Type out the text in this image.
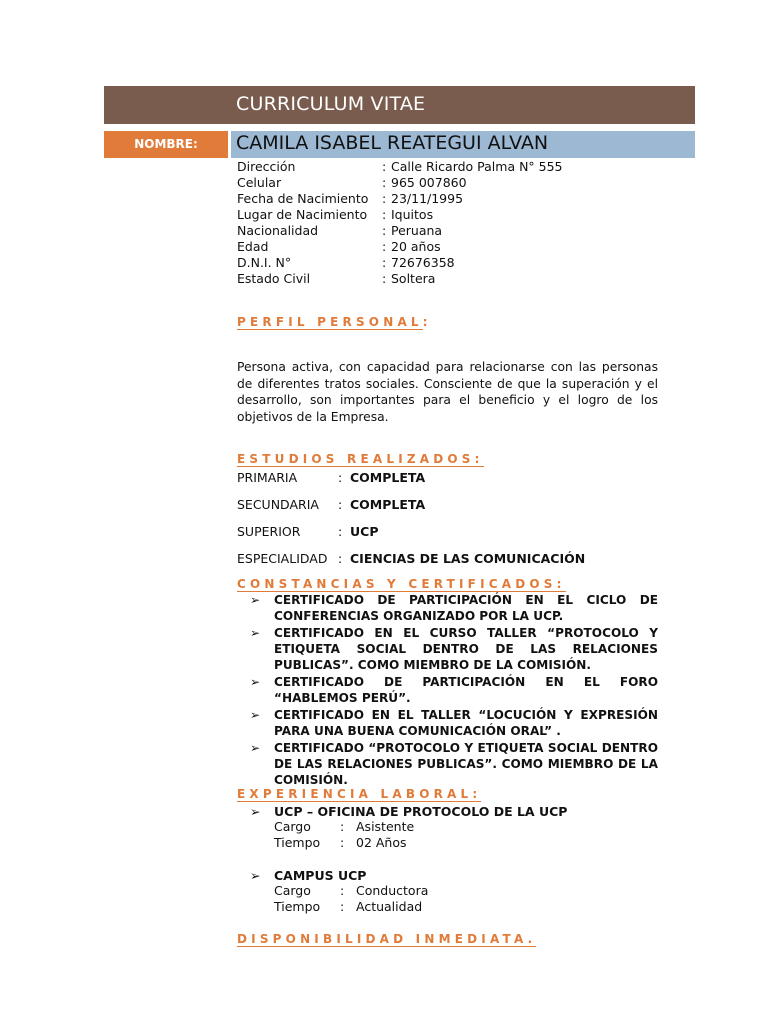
CURRICULUM VITAE
NOMBRE:	CAMILA ISABEL REATEGUI ALVAN
Dirección	: Calle Ricardo Palma N° 555
Celular	: 965 007860
Fecha de Nacimiento : 23/11/1995
Lugar de Nacimiento : Iquitos
Nacionalidad	: Peruana
Edad	: 20 años
D.N.I. N°	: 72676358
Estado Civil	: Soltera
PERFIL PERSONAL:
Persona activa, con capacidad para relacionarse con las personas de diferentes tratos sociales. Consciente de que la superación y el desarrollo, son importantes para el beneficio y el logro de los objetivos de la Empresa.
ESTUDIOS REALIZADOS:
PRIMARIA	: COMPLETA
SECUNDARIA : COMPLETA
SUPERIOR	: UCP
ESPECIALIDAD : CIENCIAS DE LAS COMUNICACIÓN
CONSTANCIAS Y CERTIFICADOS:
➢ CERTIFICADO DE PARTICIPACIÓN EN EL CICLO DE CONFERENCIAS ORGANIZADO POR LA UCP.
➢ CERTIFICADO EN EL CURSO TALLER “PROTOCOLO Y ETIQUETA SOCIAL DENTRO DE LAS RELACIONES PUBLICAS”. COMO MIEMBRO DE LA COMISIÓN.
➢ CERTIFICADO DE PARTICIPACIÓN EN EL FORO “HABLEMOS PERÚ”.
➢ CERTIFICADO EN EL TALLER “LOCUCIÓN Y EXPRESIÓN PARA UNA BUENA COMUNICACIÓN ORAL” .
➢ CERTIFICADO “PROTOCOLO Y ETIQUETA SOCIAL DENTRO DE LAS RELACIONES PUBLICAS”. COMO MIEMBRO DE LA COMISIÓN.
EXPERIENCIA LABORAL:
➢ UCP – OFICINA DE PROTOCOLO DE LA UCP
Cargo : Asistente
Tiempo : 02 Años
➢ CAMPUS UCP
Cargo : Conductora
Tiempo : Actualidad
DISPONIBILIDAD INMEDIATA.
